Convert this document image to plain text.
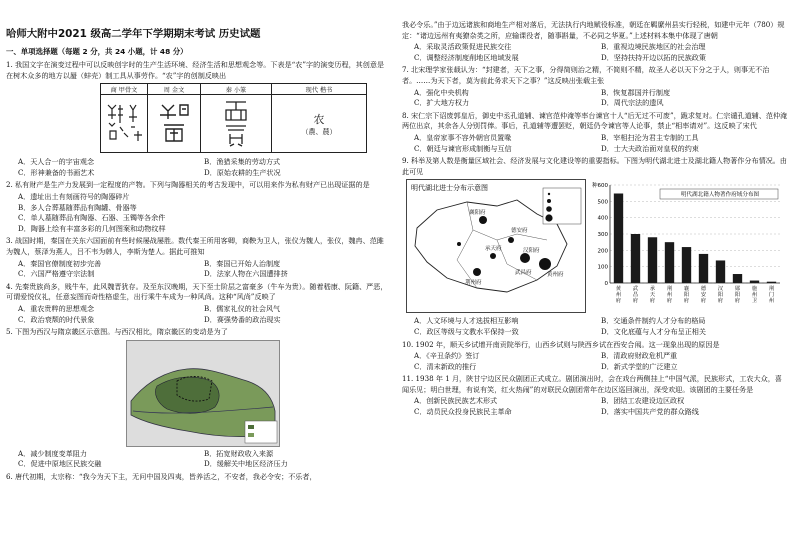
哈师大附中2021 级高二学年下学期期末考试 历史试题
一、单项选择题（每题 2 分，共 24 小题，计 48 分）
1. 我国文字在演变过程中可以反映创字时的生产生活环境、经济生活和思想观念等。下表是“农”字的演变历程，其创意是在树木众多的地方以蜃（蚌壳）制工具从事劳作。“农”字的创制反映出
商 甲骨文	周 金文	秦 小篆	现代 楷书

农
（農、辳）
A．天人合一的宇宙观念	B．渔猎采集的劳动方式
C．形神兼备的书画艺术	D．原始农耕的生产状况
2. 私有财产是生产力发展到一定程度的产物。下列与陶器相关的考古发现中，可以用来作为私有财产已出现证据的是
A．遗址出土有刻画符号的陶器碎片
B．多人合葬墓随葬品有陶罐、骨器等
C．单人墓随葬品有陶器、石器、玉镯等各余件
D．陶器上绘有丰富多彩的几何图案和动物纹样
3. 战国时期，秦国在关东六国面前有些时候屡战屡胜。数代秦王所用客卿，商鞅为卫人，张仪为魏人，张仪，魏冉、范雎为魏人，蔡泽为燕人，吕不韦为韩人，李斯为楚人。据此可推知
A．秦国官僚制度初步完善	B．秦国已开始人治制度
C．六国严格遵守宗法制	D．法家人物在六国遭排挤
4. 先秦贵族尚多，贱牛车，此风魏晋犹存。及至东汉晚期，天下至士阶层之富豪多（牛车为贵）。随着嵇康、阮籍、严恶，可谓爱悦仪礼，任意妄图而奇性格虚生，出行乘牛车成为一种风尚。这种“风尚”反映了
A．重农贵粹的思想观念	B．儒家礼仪的社会风气
C．政治衰颓的时代景象	D．赛强势番的政治现实
5. 下图为西汉与隋京畿区示意图。与西汉相比，隋京畿区的变动是为了
A．减少制度变革阻力	B．拓宽财政收入来源
C．促进中原地区民族交融	D．缓解关中地区经济压力
6. 唐代初期，太宗称：“我今为天下主，无问中国及四夷，皆养活之，不安者，我必令安；不乐者，
我必令乐。”由于边远诸族和商地生产相对落后，无法执行内地赋役标准，朝廷在羁縻州县实行轻税，如建中元年（780）规定：“诸边远州有夷獠杂类之所，应输课役者，随事斟量，不必同之华夏。”上述材料本集中体现了唐朝
A．采取灵活政策促进民族交往	B．重视边境民族地区的社会治理
C．调整经济制度削地区地域发展	D．坚持扶持开边以拓的民族政策
7. 北宋理学家张载认为：“封建者，天下之事，分得简则治之精，不简则不精，故圣人必以天下分之于人，则事无不治者。……为天下者，莫为前此务求天下之事？”这反映出张载主张
A．强化中央机构	B．恢复郡国并行制度
C．扩大地方权力	D．周代宗法的遗风
8. 宋仁宗下诏废郭皇后，御史中丞孔道辅、谏官范仲淹等率台谏官十人“后无过不可废”，跪求复对。仁宗谴孔道辅、范仲淹两位出京，其余各人分别罚俸。事后，孔道辅等遭罢贬，朝廷仍令谏官等人论事，禁止“相率请对”。这反映了宋代
A．皇帝家事不容外朝官员置喙	B．宰相扫沦为君主专制的工具
C．朝廷与谏官形成制衡与互信	D．士大夫政治面对皇权的约束
9. 科举及第人数是衡量区域社会、经济发展与文化建设等的重要指标。下图为明代湖北进士及湖北籍人物著作分布情况。由此可见
明代湖北进士分布示意图
襄阳府
德安府
汉阳府
承天府
荆州府
黄州府
武昌府
0
100
200
300
400
500
600
种
明代湖北籍人物著作府域分布图
黄州府
武昌府
承天府
荆州府
襄阳府
德安府
汉阳府
郧阳府
施州卫
荆门州
A．人文环境与人才选拔相互影响	B．交通条件制约人才分布的格局
C．政区等级与文教水平保持一致	D．文化底蕴与人才分布呈正相关
10. 1902 年，顺天乡试增开南贡院举行，山西乡试则与陕西乡试在西安合闱。这一现象出现的原因是
A．《辛丑条约》签订	B．清政府财政危机严重
C．清末新政的推行	D．新式学堂的广泛建立
11. 1938 年 1 月，陕甘宁边区民众剧团正式成立。剧团演出时，会在戏台两侧挂上“中国气派，民族形式，工农大众，喜闻乐见；明白世理，有说有笑，红火热闹”的对联民众剧团常年在边区巡回演出，深受欢迎。该剧团的主要任务是
A．创新民族民族艺术形式	B．团结工农建设边区政权
C．动员民众投身民族民主革命	D．落实中国共产党的群众路线
